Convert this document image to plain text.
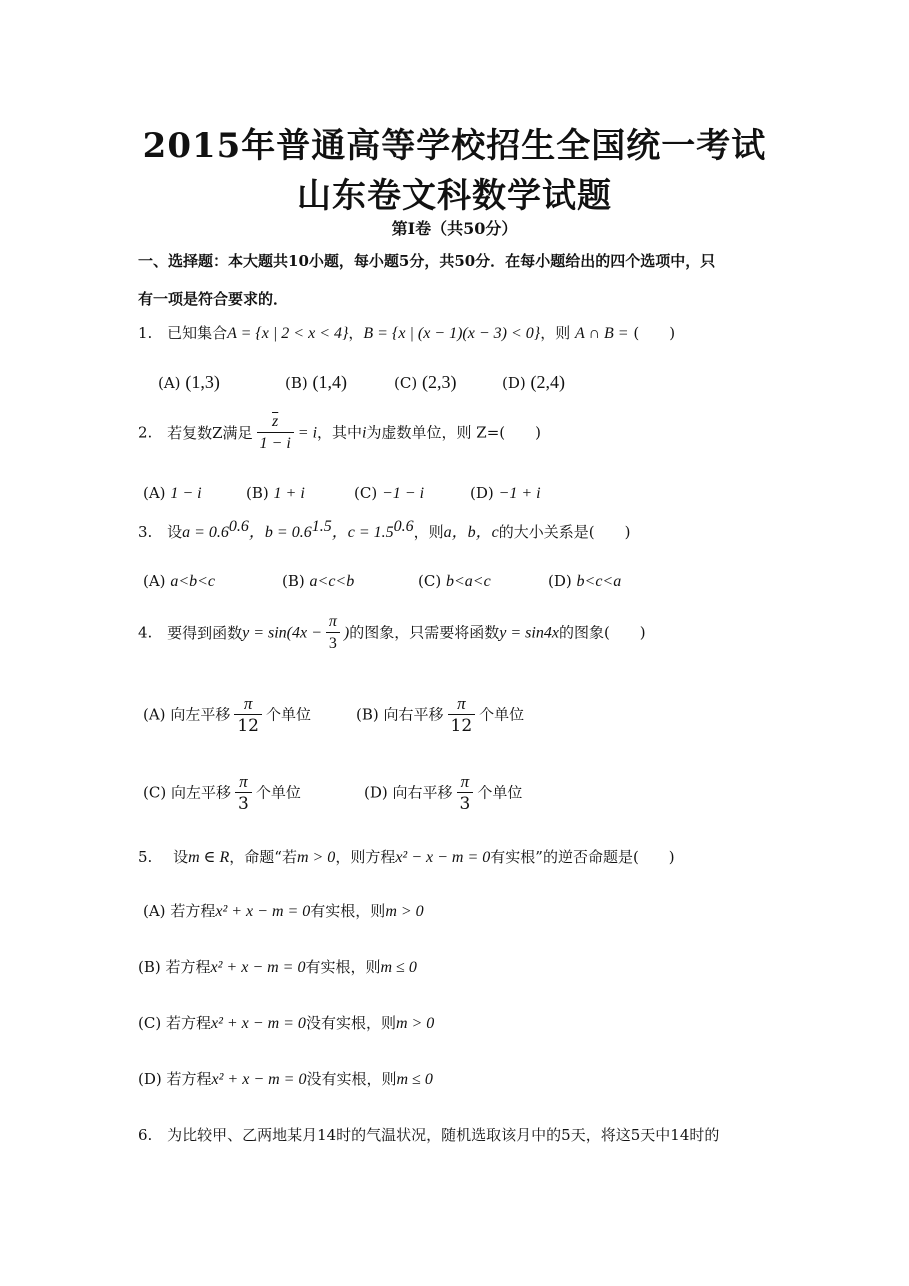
2015年普通高等学校招生全国统一考试
山东卷文科数学试题
第Ⅰ卷（共50分）
一、选择题：本大题共10小题，每小题5分，共50分．在每小题给出的四个选项中，只
有一项是符合要求的．
1. 已知集合A = {x | 2 < x < 4}，B = {x | (x − 1)(x − 3) < 0}，则 A ∩ B = (　　)
(A) (1,3)	(B) (1,4)	(C) (2,3)	(D) (2,4)
2. 若复数Z满足 $\frac{\overline{z}}{1 - i} = i$，其中i为虚数单位，则 Z=(　　)
(A) 1 − i	(B) 1 + i	(C) −1 − i	(D) −1 + i
3. 设$a = 0.6^{0.6}$，$b = 0.6^{1.5}$，$c = 1.5^{0.6}$，则a，b，c的大小关系是(　　)
(A) a<b<c	(B) a<c<b	(C) b<a<c	(D) b<c<a
4. 要得到函数$y = \sin(4x - \frac{\pi}{3}$ )的图象，只需要将函数y = sin4x的图象(　　)
(A) 向左平移 $\frac{\pi}{12}$ 个单位	(B) 向右平移 $\frac{\pi}{12}$ 个单位
(C) 向左平移 $\frac{\pi}{3}$ 个单位	(D) 向右平移 $\frac{\pi}{3}$ 个单位
5. 设m ∈ R，命题“若m > 0，则方程x² − x − m = 0有实根”的逆否命题是(　　)
(A) 若方程x² + x − m = 0有实根，则m > 0
(B) 若方程x² + x − m = 0有实根，则m ≤ 0
(C) 若方程x² + x − m = 0没有实根，则m > 0
(D) 若方程x² + x − m = 0没有实根，则m ≤ 0
6. 为比较甲、乙两地某月14时的气温状况，随机选取该月中的5天，将这5天中14时的
